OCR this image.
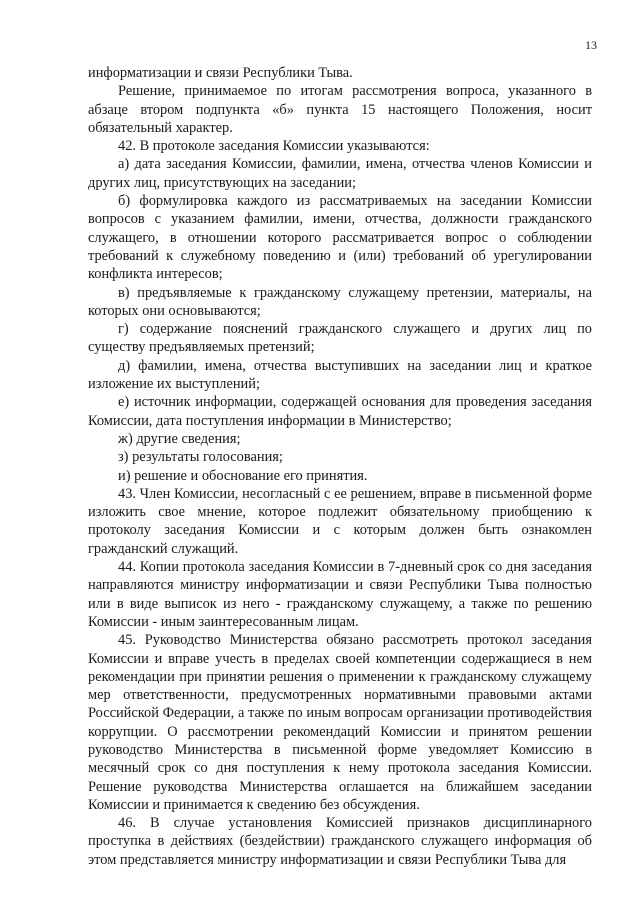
13

информатизации и связи Республики Тыва.

Решение, принимаемое по итогам рассмотрения вопроса, указанного в абзаце втором подпункта «б» пункта 15 настоящего Положения, носит обязательный характер.

42. В протоколе заседания Комиссии указываются:

а) дата заседания Комиссии, фамилии, имена, отчества членов Комиссии и других лиц, присутствующих на заседании;

б) формулировка каждого из рассматриваемых на заседании Комиссии вопросов с указанием фамилии, имени, отчества, должности гражданского служащего, в отношении которого рассматривается вопрос о соблюдении требований к служебному поведению и (или) требований об урегулировании конфликта интересов;

в) предъявляемые к гражданскому служащему претензии, материалы, на которых они основываются;

г) содержание пояснений гражданского служащего и других лиц по существу предъявляемых претензий;

д) фамилии, имена, отчества выступивших на заседании лиц и краткое изложение их выступлений;

е) источник информации, содержащей основания для проведения заседания Комиссии, дата поступления информации в Министерство;

ж) другие сведения;

з) результаты голосования;

и) решение и обоснование его принятия.

43. Член Комиссии, несогласный с ее решением, вправе в письменной форме изложить свое мнение, которое подлежит обязательному приобщению к протоколу заседания Комиссии и с которым должен быть ознакомлен гражданский служащий.

44. Копии протокола заседания Комиссии в 7-дневный срок со дня заседания направляются министру информатизации и связи Республики Тыва полностью или в виде выписок из него - гражданскому служащему, а также по решению Комиссии - иным заинтересованным лицам.

45. Руководство Министерства обязано рассмотреть протокол заседания Комиссии и вправе учесть в пределах своей компетенции содержащиеся в нем рекомендации при принятии решения о применении к гражданскому служащему мер ответственности, предусмотренных нормативными правовыми актами Российской Федерации, а также по иным вопросам организации противодействия коррупции. О рассмотрении рекомендаций Комиссии и принятом решении руководство Министерства в письменной форме уведомляет Комиссию в месячный срок со дня поступления к нему протокола заседания Комиссии. Решение руководства Министерства оглашается на ближайшем заседании Комиссии и принимается к сведению без обсуждения.

46. В случае установления Комиссией признаков дисциплинарного проступка в действиях (бездействии) гражданского служащего информация об этом представляется министру информатизации и связи Республики Тыва для
